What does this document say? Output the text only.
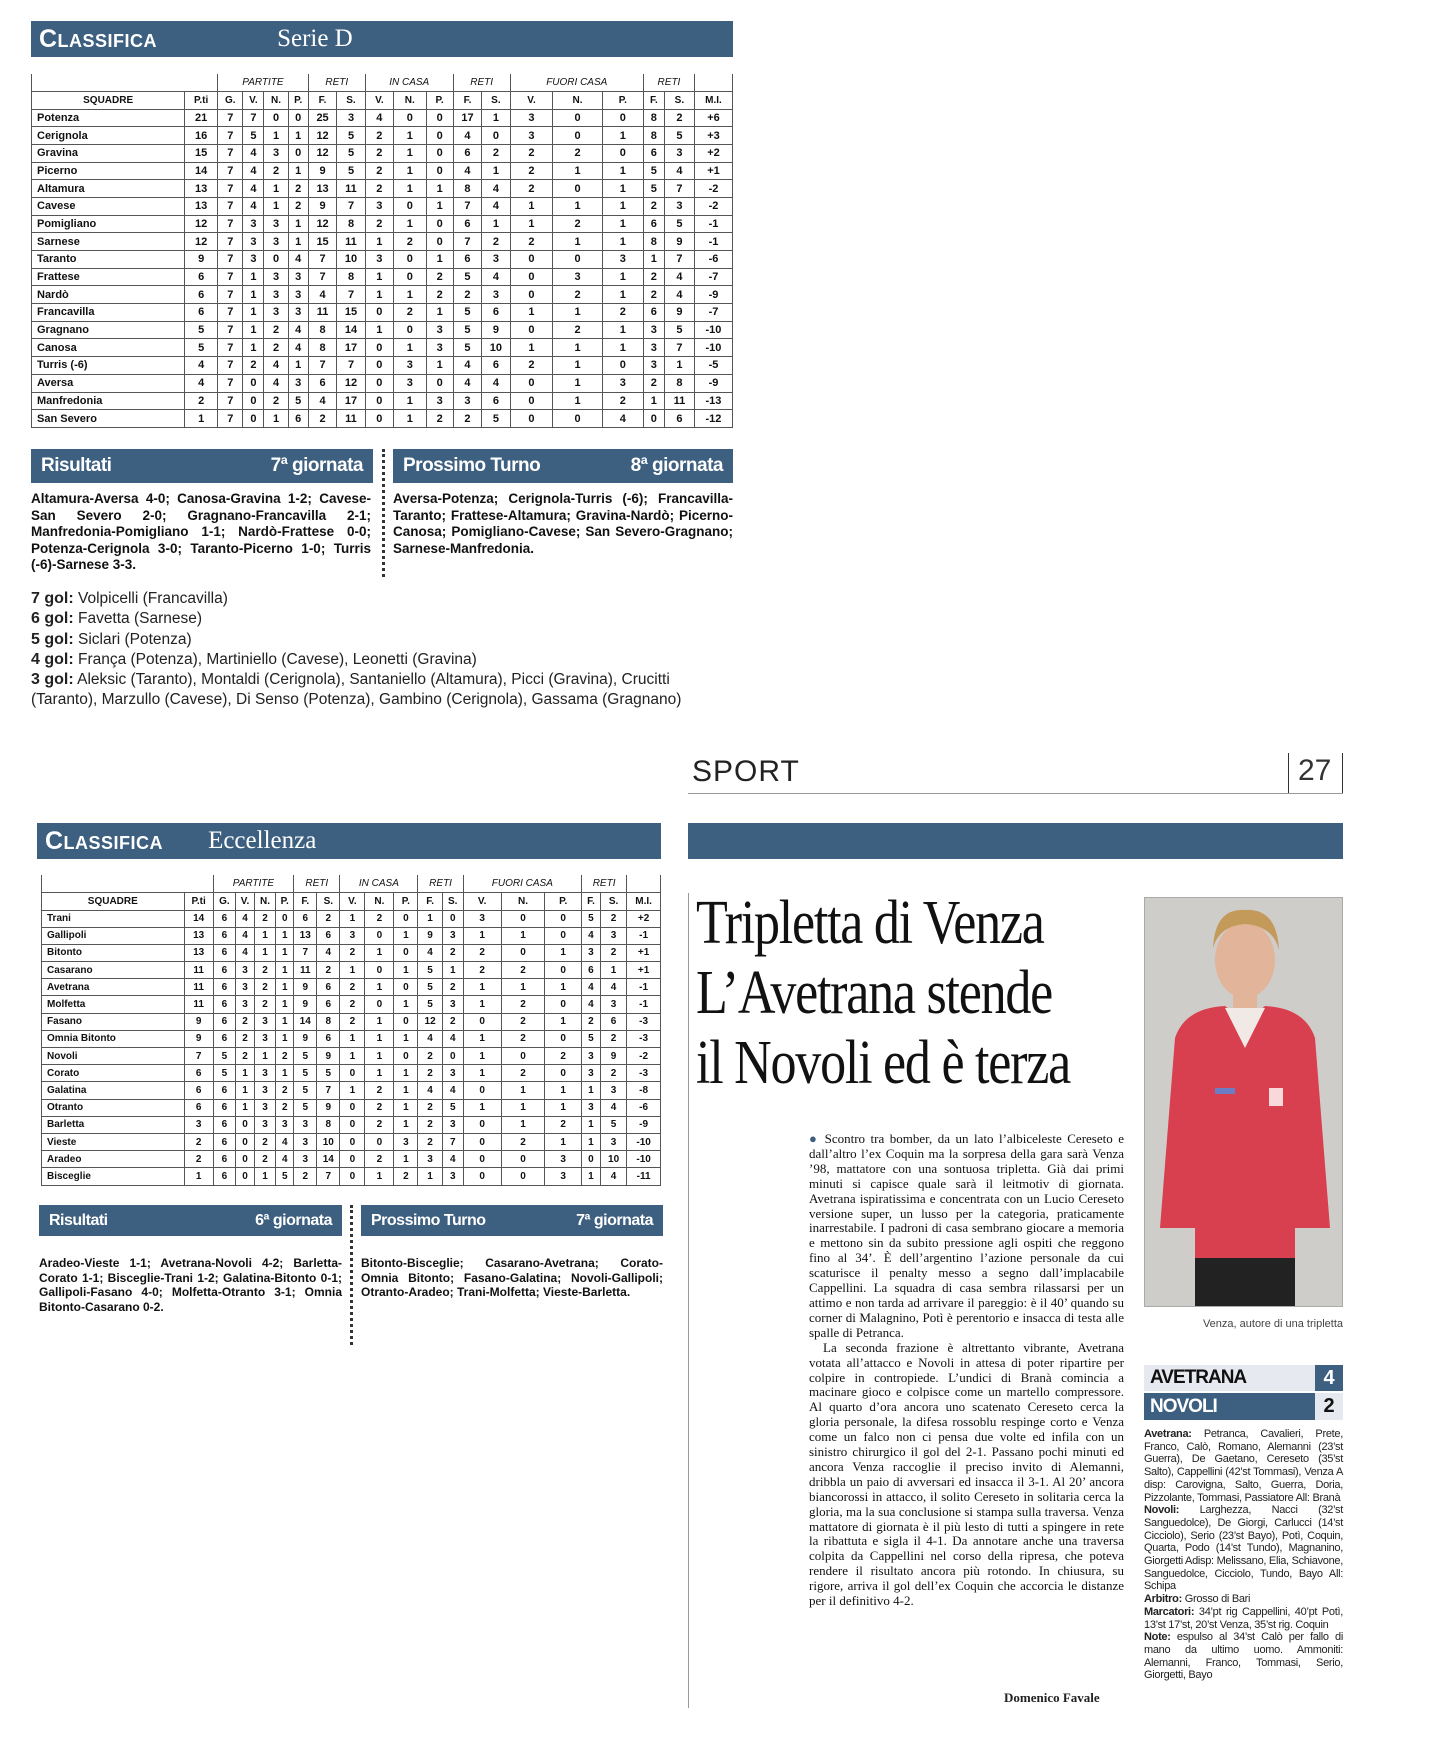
Classifica	Serie D
		PARTITE				RETI		IN CASA			RETI		FUORI CASA			RETI		
SQUADRE	P.ti	G.	V.	N.	P.	F.	S.	V.	N.	P.	F.	S.	V.	N.	P.	F.	S.	M.I.
Potenza	21	7	7	0	0	25	3	4	0	0	17	1	3	0	0	8	2	+6
Cerignola	16	7	5	1	1	12	5	2	1	0	4	0	3	0	1	8	5	+3
Gravina	15	7	4	3	0	12	5	2	1	0	6	2	2	2	0	6	3	+2
Picerno	14	7	4	2	1	9	5	2	1	0	4	1	2	1	1	5	4	+1
Altamura	13	7	4	1	2	13	11	2	1	1	8	4	2	0	1	5	7	-2
Cavese	13	7	4	1	2	9	7	3	0	1	7	4	1	1	1	2	3	-2
Pomigliano	12	7	3	3	1	12	8	2	1	0	6	1	1	2	1	6	5	-1
Sarnese	12	7	3	3	1	15	11	1	2	0	7	2	2	1	1	8	9	-1
Taranto	9	7	3	0	4	7	10	3	0	1	6	3	0	0	3	1	7	-6
Frattese	6	7	1	3	3	7	8	1	0	2	5	4	0	3	1	2	4	-7
Nardò	6	7	1	3	3	4	7	1	1	2	2	3	0	2	1	2	4	-9
Francavilla	6	7	1	3	3	11	15	0	2	1	5	6	1	1	2	6	9	-7
Gragnano	5	7	1	2	4	8	14	1	0	3	5	9	0	2	1	3	5	-10
Canosa	5	7	1	2	4	8	17	0	1	3	5	10	1	1	1	3	7	-10
Turris (-6)	4	7	2	4	1	7	7	0	3	1	4	6	2	1	0	3	1	-5
Aversa	4	7	0	4	3	6	12	0	3	0	4	4	0	1	3	2	8	-9
Manfredonia	2	7	0	2	5	4	17	0	1	3	3	6	0	1	2	1	11	-13
San Severo	1	7	0	1	6	2	11	0	1	2	2	5	0	0	4	0	6	-12
Risultati	7ª giornata Prossimo Turno	8ª giornata
Altamura-Aversa 4-0; Canosa-Gravina 1-2; Cavese-San Severo 2-0; Gragnano-Francavilla 2-1; Manfredonia-Pomigliano 1-1; Nardò-Frattese 0-0; Potenza-Cerignola 3-0; Taranto-Picerno 1-0; Turris (-6)-Sarnese 3-3.
Aversa-Potenza; Cerignola-Turris (-6); Francavilla-Taranto; Frattese-Altamura; Gravina-Nardò; Picerno-Canosa; Pomigliano-Cavese; San Severo-Gragnano; Sarnese-Manfredonia.
7 gol: Volpicelli (Francavilla)
6 gol: Favetta (Sarnese)
5 gol: Siclari (Potenza)
4 gol: França (Potenza), Martiniello (Cavese), Leonetti (Gravina)
3 gol: Aleksic (Taranto), Montaldi (Cerignola), Santaniello (Altamura), Picci (Gravina), Crucitti (Taranto), Marzullo (Cavese), Di Senso (Potenza), Gambino (Cerignola), Gassama (Gragnano)
SPORT	27
Classifica Eccellenza
		PARTITE				RETI		IN CASA			RETI		FUORI CASA			RETI		
SQUADRE	P.ti	G.	V.	N.	P.	F.	S.	V.	N.	P.	F.	S.	V.	N.	P.	F.	S.	M.I.
Trani	14	6	4	2	0	6	2	1	2	0	1	0	3	0	0	5	2	+2
Gallipoli	13	6	4	1	1	13	6	3	0	1	9	3	1	1	0	4	3	-1
Bitonto	13	6	4	1	1	7	4	2	1	0	4	2	2	0	1	3	2	+1
Casarano	11	6	3	2	1	11	2	1	0	1	5	1	2	2	0	6	1	+1
Avetrana	11	6	3	2	1	9	6	2	1	0	5	2	1	1	1	4	4	-1
Molfetta	11	6	3	2	1	9	6	2	0	1	5	3	1	2	0	4	3	-1
Fasano	9	6	2	3	1	14	8	2	1	0	12	2	0	2	1	2	6	-3
Omnia Bitonto	9	6	2	3	1	9	6	1	1	1	4	4	1	2	0	5	2	-3
Novoli	7	5	2	1	2	5	9	1	1	0	2	0	1	0	2	3	9	-2
Corato	6	5	1	3	1	5	5	0	1	1	2	3	1	2	0	3	2	-3
Galatina	6	6	1	3	2	5	7	1	2	1	4	4	0	1	1	1	3	-8
Otranto	6	6	1	3	2	5	9	0	2	1	2	5	1	1	1	3	4	-6
Barletta	3	6	0	3	3	3	8	0	2	1	2	3	0	1	2	1	5	-9
Vieste	2	6	0	2	4	3	10	0	0	3	2	7	0	2	1	1	3	-10
Aradeo	2	6	0	2	4	3	14	0	2	1	3	4	0	0	3	0	10	-10
Bisceglie	1	6	0	1	5	2	7	0	1	2	1	3	0	0	3	1	4	-11
Risultati	6ª giornata Prossimo Turno	7ª giornata
Aradeo-Vieste 1-1; Avetrana-Novoli 4-2; Barletta-Corato 1-1; Bisceglie-Trani 1-2; Galatina-Bitonto 0-1; Gallipoli-Fasano 4-0; Molfetta-Otranto 3-1; Omnia Bitonto-Casarano 0-2.
Bitonto-Bisceglie; Casarano-Avetrana; Corato-Omnia Bitonto; Fasano-Galatina; Novoli-Gallipoli; Otranto-Aradeo; Trani-Molfetta; Vieste-Barletta.
Tripletta di Venza
L’Avetrana stende
il Novoli ed è terza

● Scontro tra bomber, da un lato l’albiceleste Cereseto e dall’altro l’ex Coquin ma la sorpresa della gara sarà Venza ’98, mattatore con una sontuosa tripletta. Già dai primi minuti si capisce quale sarà il leitmotiv di giornata. Avetrana ispiratissima e concentrata con un Lucio Cereseto versione super, un lusso per la categoria, praticamente inarrestabile. I padroni di casa sembrano giocare a memoria e mettono sin da subito pressione agli ospiti che reggono fino al 34’. È dell’argentino l’azione personale da cui scaturisce il penalty messo a segno dall’implacabile Cappellini. La squadra di casa sembra rilassarsi per un attimo e non tarda ad arrivare il pareggio: è il 40’ quando su corner di Malagnino, Potì è perentorio e insacca di testa alle spalle di Petranca.

La seconda frazione è altrettanto vibrante, Avetrana votata all’attacco e Novoli in attesa di poter ripartire per colpire in contropiede. L’undici di Branà comincia a macinare gioco e colpisce come un martello compressore. Al quarto d’ora ancora uno scatenato Cereseto cerca la gloria personale, la difesa rossoblu respinge corto e Venza come un falco non ci pensa due volte ed infila con un sinistro chirurgico il gol del 2-1. Passano pochi minuti ed ancora Venza raccoglie il preciso invito di Alemanni, dribbla un paio di avversari ed insacca il 3-1. Al 20’ ancora biancorossi in attacco, il solito Cereseto in solitaria cerca la gloria, ma la sua conclusione si stampa sulla traversa. Venza mattatore di giornata è il più lesto di tutti a spingere in rete la ribattuta e sigla il 4-1. Da annotare anche una traversa colpita da Cappellini nel corso della ripresa, che poteva rendere il risultato ancora più rotondo. In chiusura, su rigore, arriva il gol dell’ex Coquin che accorcia le distanze per il definitivo 4-2.

Domenico Favale
Venza, autore di una tripletta
AVETRANA	4
NOVOLI	2
Avetrana: Petranca, Cavalieri, Prete, Franco, Calò, Romano, Alemanni (23’st Guerra), De Gaetano, Cereseto (35’st Salto), Cappellini (42’st Tommasi), Venza A disp: Carovigna, Salto, Guerra, Doria, Pizzolante, Tommasi, Passiatore All: Branà
Novoli: Larghezza, Nacci (32’st Sanguedolce), De Giorgi, Carlucci (14’st Cicciolo), Serio (23’st Bayo), Potì, Coquin, Quarta, Podo (14’st Tundo), Magnanino, Giorgetti Adisp: Melissano, Elia, Schiavone, Sanguedolce, Cicciolo, Tundo, Bayo All: Schipa
Arbitro: Grosso di Bari
Marcatori: 34’pt rig Cappellini, 40’pt Potì, 13’st 17’st, 20’st Venza, 35’st rig. Coquin
Note: espulso al 34’st Calò per fallo di mano da ultimo uomo. Ammoniti: Alemanni, Franco, Tommasi, Serio, Giorgetti, Bayo
